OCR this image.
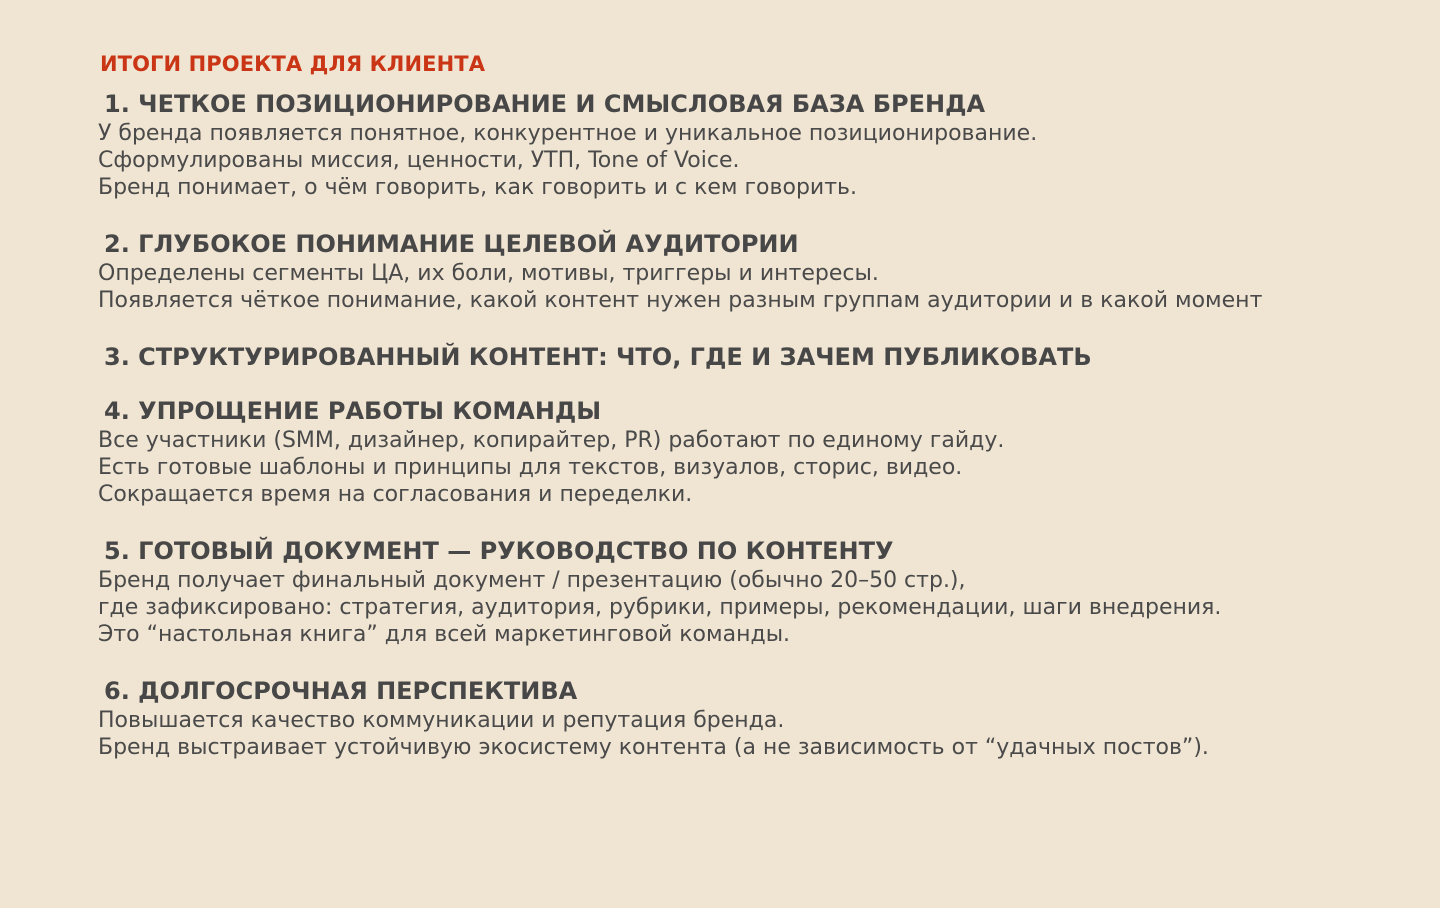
ИТОГИ ПРОЕКТА ДЛЯ КЛИЕНТА
1. ЧЕТКОЕ ПОЗИЦИОНИРОВАНИЕ И СМЫСЛОВАЯ БАЗА БРЕНДА
У бренда появляется понятное, конкурентное и уникальное позиционирование.
Сформулированы миссия, ценности, УТП, Tone of Voice.
Бренд понимает, о чём говорить, как говорить и с кем говорить.
2. ГЛУБОКОЕ ПОНИМАНИЕ ЦЕЛЕВОЙ АУДИТОРИИ
Определены сегменты ЦА, их боли, мотивы, триггеры и интересы.
Появляется чёткое понимание, какой контент нужен разным группам аудитории и в какой момент
3. СТРУКТУРИРОВАННЫЙ КОНТЕНТ: ЧТО, ГДЕ И ЗАЧЕМ ПУБЛИКОВАТЬ
4. УПРОЩЕНИЕ РАБОТЫ КОМАНДЫ
Все участники (SMM, дизайнер, копирайтер, PR) работают по единому гайду.
Есть готовые шаблоны и принципы для текстов, визуалов, сторис, видео.
Сокращается время на согласования и переделки.
5. ГОТОВЫЙ ДОКУМЕНТ — РУКОВОДСТВО ПО КОНТЕНТУ
Бренд получает финальный документ / презентацию (обычно 20–50 стр.),
где зафиксировано: стратегия, аудитория, рубрики, примеры, рекомендации, шаги внедрения.
Это “настольная книга” для всей маркетинговой команды.
6. ДОЛГОСРОЧНАЯ ПЕРСПЕКТИВА
Повышается качество коммуникации и репутация бренда.
Бренд выстраивает устойчивую экосистему контента (а не зависимость от “удачных постов”).
